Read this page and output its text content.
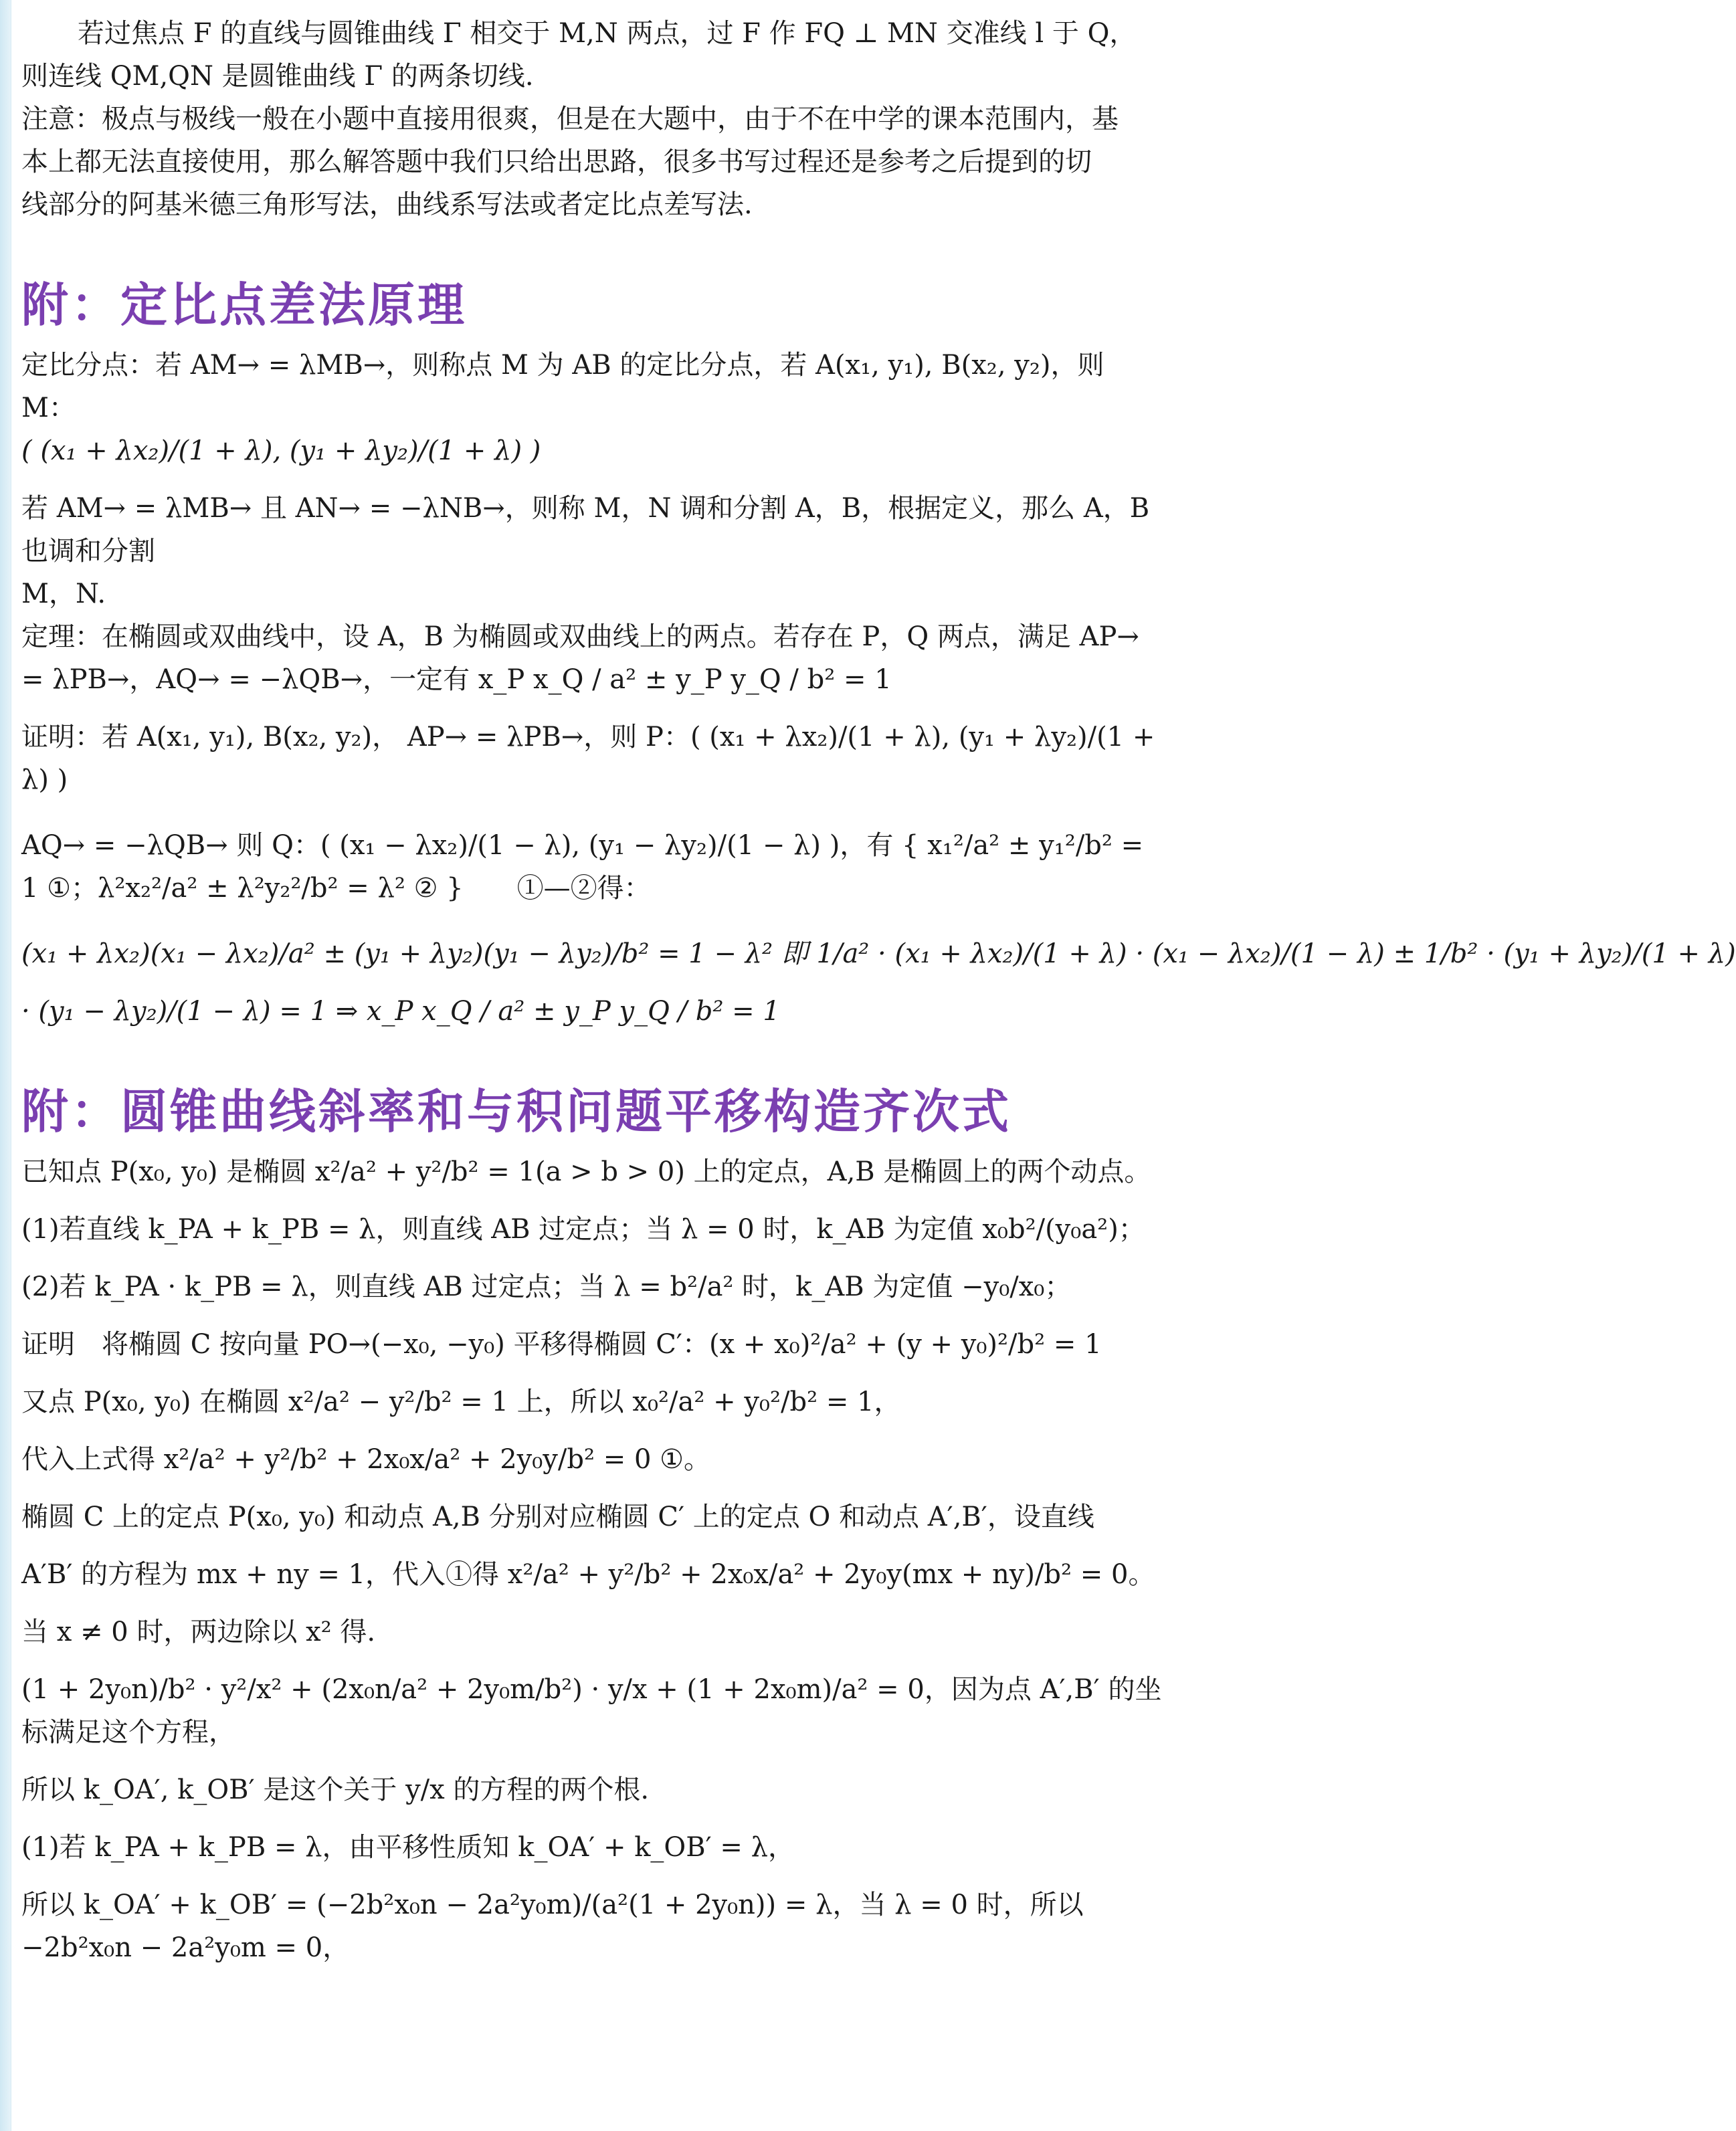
若过焦点 F 的直线与圆锥曲线 Γ 相交于 M,N 两点，过 F 作 FQ ⊥ MN 交准线 l 于 Q，

则连线 QM,QN 是圆锥曲线 Γ 的两条切线.

注意：极点与极线一般在小题中直接用很爽，但是在大题中，由于不在中学的课本范围内，基

本上都无法直接使用，那么解答题中我们只给出思路，很多书写过程还是参考之后提到的切

线部分的阿基米德三角形写法，曲线系写法或者定比点差写法.

附：定比点差法原理

定比分点：若 AM→ = λMB→，则称点 M 为 AB 的定比分点，若 A(x₁, y₁), B(x₂, y₂)，则 M：

( (x₁ + λx₂)/(1 + λ), (y₁ + λy₂)/(1 + λ) )

若 AM→ = λMB→ 且 AN→ = −λNB→，则称 M，N 调和分割 A，B，根据定义，那么 A，B 也调和分割

M，N.

定理：在椭圆或双曲线中，设 A，B 为椭圆或双曲线上的两点。若存在 P，Q 两点，满足 AP→

= λPB→，AQ→ = −λQB→，一定有 x_P x_Q / a² ± y_P y_Q / b² = 1

证明：若 A(x₁, y₁), B(x₂, y₂)， AP→ = λPB→，则 P：( (x₁ + λx₂)/(1 + λ), (y₁ + λy₂)/(1 + λ) )

AQ→ = −λQB→ 则 Q：( (x₁ − λx₂)/(1 − λ), (y₁ − λy₂)/(1 − λ) )，有 { x₁²/a² ± y₁²/b² = 1 ①；λ²x₂²/a² ± λ²y₂²/b² = λ² ② }　　①—②得：

(x₁ + λx₂)(x₁ − λx₂)/a² ± (y₁ + λy₂)(y₁ − λy₂)/b² = 1 − λ² 即 1/a² · (x₁ + λx₂)/(1 + λ) · (x₁ − λx₂)/(1 − λ) ± 1/b² · (y₁ + λy₂)/(1 + λ)

· (y₁ − λy₂)/(1 − λ) = 1 ⇒ x_P x_Q / a² ± y_P y_Q / b² = 1

附：圆锥曲线斜率和与积问题平移构造齐次式

已知点 P(x₀, y₀) 是椭圆 x²/a² + y²/b² = 1(a > b > 0) 上的定点，A,B 是椭圆上的两个动点。

(1)若直线 k_PA + k_PB = λ，则直线 AB 过定点；当 λ = 0 时，k_AB 为定值 x₀b²/(y₀a²)；

(2)若 k_PA · k_PB = λ，则直线 AB 过定点；当 λ = b²/a² 时，k_AB 为定值 −y₀/x₀；

证明　将椭圆 C 按向量 PO→(−x₀, −y₀) 平移得椭圆 C′：(x + x₀)²/a² + (y + y₀)²/b² = 1

又点 P(x₀, y₀) 在椭圆 x²/a² − y²/b² = 1 上，所以 x₀²/a² + y₀²/b² = 1，

代入上式得 x²/a² + y²/b² + 2x₀x/a² + 2y₀y/b² = 0 ①。

椭圆 C 上的定点 P(x₀, y₀) 和动点 A,B 分别对应椭圆 C′ 上的定点 O 和动点 A′,B′，设直线

A′B′ 的方程为 mx + ny = 1，代入①得 x²/a² + y²/b² + 2x₀x/a² + 2y₀y(mx + ny)/b² = 0。

当 x ≠ 0 时，两边除以 x² 得.

(1 + 2y₀n)/b² · y²/x² + (2x₀n/a² + 2y₀m/b²) · y/x + (1 + 2x₀m)/a² = 0，因为点 A′,B′ 的坐标满足这个方程，

所以 k_OA′, k_OB′ 是这个关于 y/x 的方程的两个根.

(1)若 k_PA + k_PB = λ，由平移性质知 k_OA′ + k_OB′ = λ，

所以 k_OA′ + k_OB′ = (−2b²x₀n − 2a²y₀m)/(a²(1 + 2y₀n)) = λ，当 λ = 0 时，所以 −2b²x₀n − 2a²y₀m = 0，
